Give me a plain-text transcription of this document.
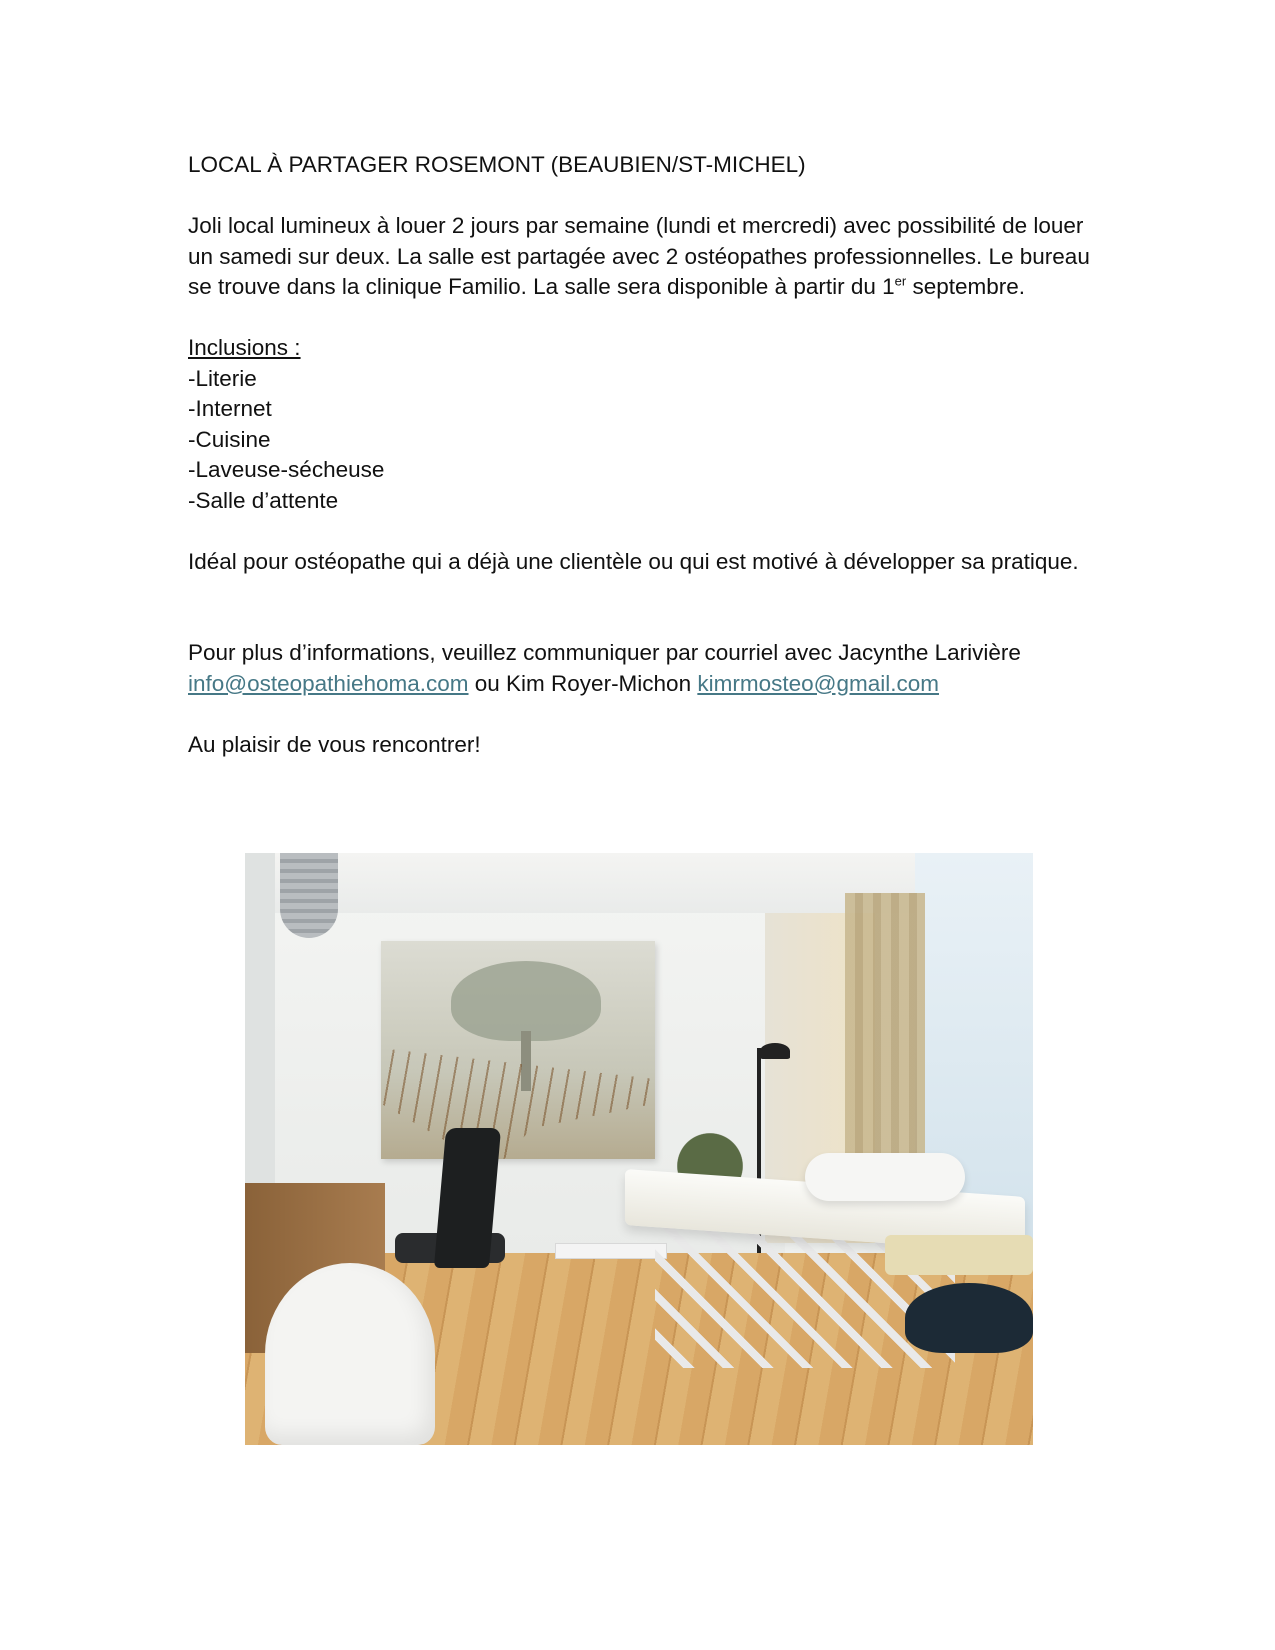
LOCAL À PARTAGER ROSEMONT (BEAUBIEN/ST-MICHEL)

Joli local lumineux à louer 2 jours par semaine (lundi et mercredi) avec possibilité de louer un samedi sur deux. La salle est partagée avec 2 ostéopathes professionnelles. Le bureau se trouve dans la clinique Familio. La salle sera disponible à partir du 1er septembre.

Inclusions :

-Literie
-Internet
-Cuisine
-Laveuse-sécheuse
-Salle d’attente

Idéal pour ostéopathe qui a déjà une clientèle ou qui est motivé à développer sa pratique.

Pour plus d’informations, veuillez communiquer par courriel avec Jacynthe Larivière info@osteopathiehoma.com ou Kim Royer-Michon kimrmosteo@gmail.com

Au plaisir de vous rencontrer!
